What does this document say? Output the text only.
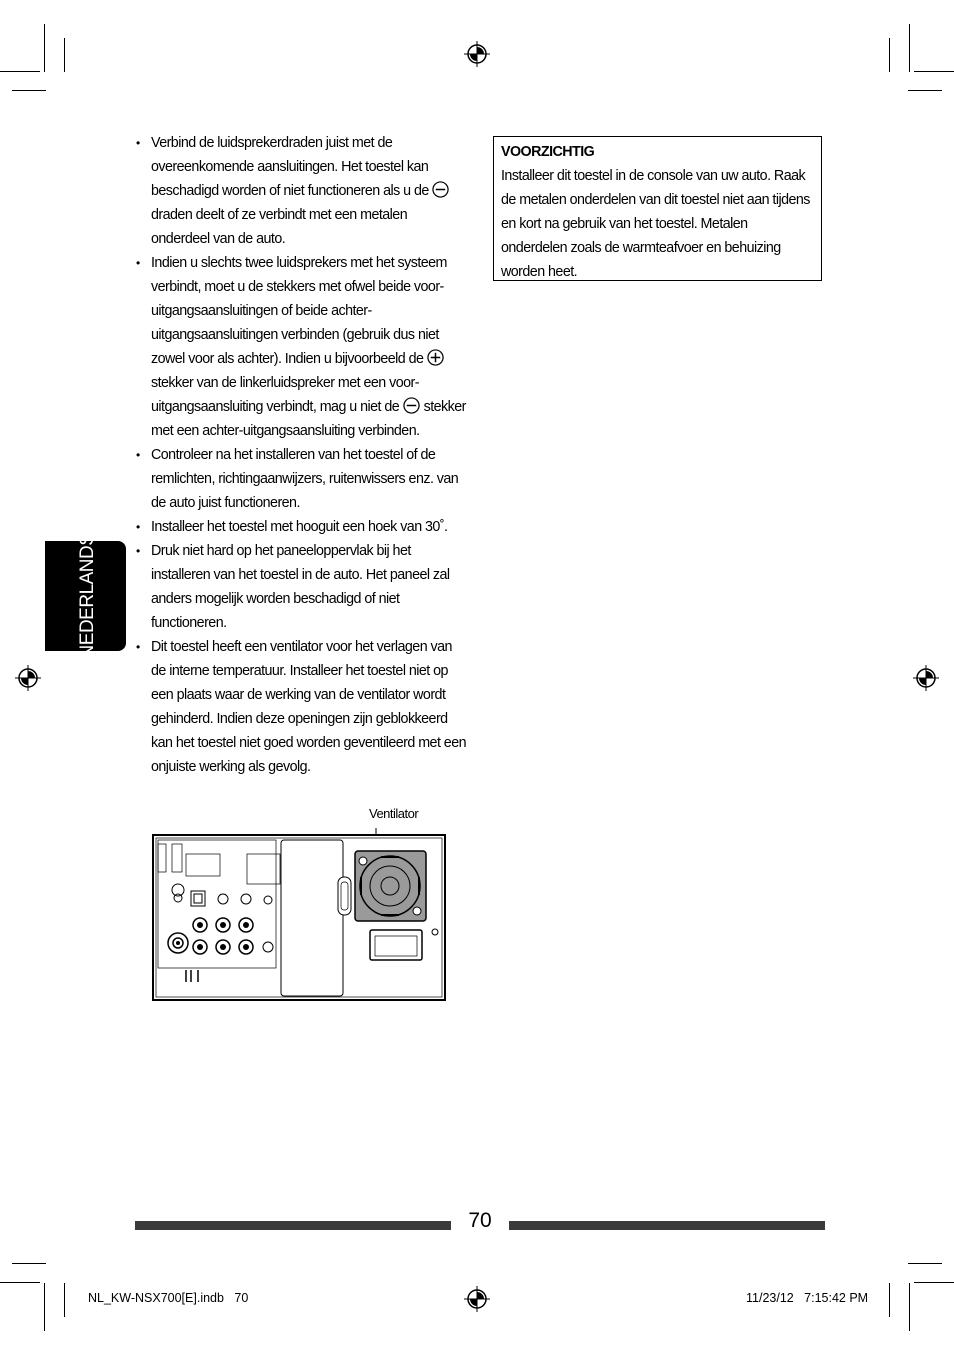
NEDERLANDS
• Verbind de luidsprekerdraden juist met de overeenkomende aansluitingen. Het toestel kan beschadigd worden of niet functioneren als u de draden deelt of ze verbindt met een metalen onderdeel van de auto.
• Indien u slechts twee luidsprekers met het systeem verbindt, moet u de stekkers met ofwel beide voor-uitgangsaansluitingen of beide achter-uitgangsaansluitingen verbinden (gebruik dus niet zowel voor als achter). Indien u bijvoorbeeld de stekker van de linkerluidspreker met een voor-uitgangsaansluiting verbindt, mag u niet de stekker met een achter-uitgangsaansluiting verbinden.
• Controleer na het installeren van het toestel of de remlichten, richtingaanwijzers, ruitenwissers enz. van de auto juist functioneren.
• Installeer het toestel met hooguit een hoek van 30˚.
• Druk niet hard op het paneeloppervlak bij het installeren van het toestel in de auto. Het paneel zal anders mogelijk worden beschadigd of niet functioneren.
• Dit toestel heeft een ventilator voor het verlagen van de interne temperatuur. Installeer het toestel niet op een plaats waar de werking van de ventilator wordt gehinderd. Indien deze openingen zijn geblokkeerd kan het toestel niet goed worden geventileerd met een onjuiste werking als gevolg.
VOORZICHTIG
Installeer dit toestel in de console van uw auto. Raak de metalen onderdelen van dit toestel niet aan tijdens en kort na gebruik van het toestel. Metalen onderdelen zoals de warmteafvoer en behuizing worden heet.
Ventilator
70
NL_KW-NSX700[E].indb   70	11/23/12   7:15:42 PM
